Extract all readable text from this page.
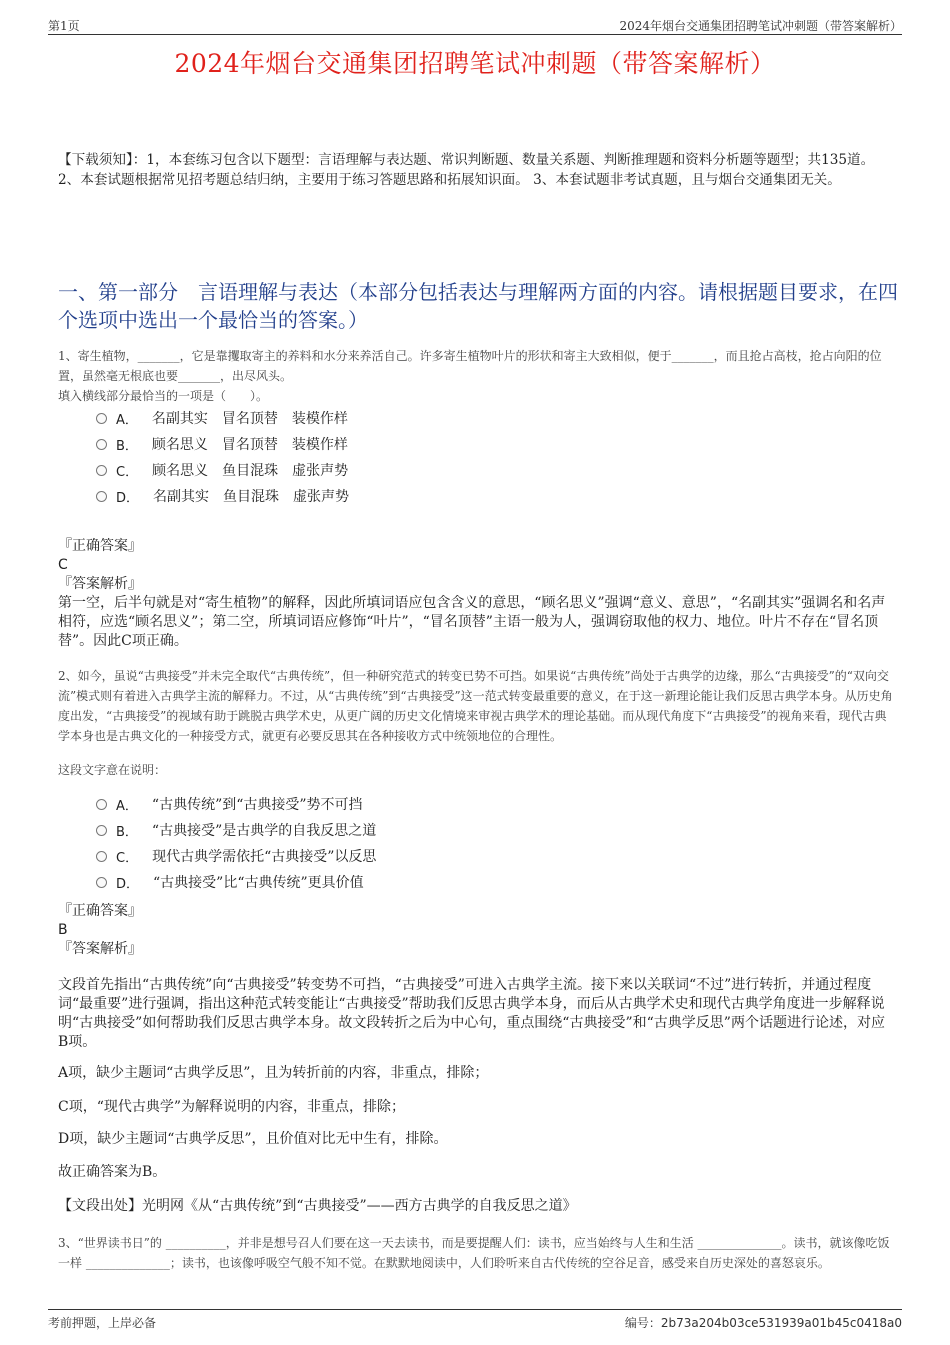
第1页	2024年烟台交通集团招聘笔试冲刺题（带答案解析）
2024年烟台交通集团招聘笔试冲刺题（带答案解析）
【下载须知】：1，本套练习包含以下题型：言语理解与表达题、常识判断题、数量关系题、判断推理题和资料分析题等题型；共135道。 2、本套试题根据常见招考题总结归纳，主要用于练习答题思路和拓展知识面。 3、本套试题非考试真题，且与烟台交通集团无关。
一、第一部分　言语理解与表达（本部分包括表达与理解两方面的内容。请根据题目要求，在四个选项中选出一个最恰当的答案。）
1、寄生植物，_______，它是靠攫取寄主的养料和水分来养活自己。许多寄生植物叶片的形状和寄主大致相似，便于_______，而且抢占高枝，抢占向阳的位置，虽然毫无根底也要_______，出尽风头。
填入横线部分最恰当的一项是（　　）。
A． 名副其实　冒名顶替　装模作样
B． 顾名思义　冒名顶替　装模作样
C． 顾名思义　鱼目混珠　虚张声势
D． 名副其实　鱼目混珠　虚张声势
『正确答案』
C
『答案解析』
第一空，后半句就是对“寄生植物”的解释，因此所填词语应包含含义的意思，“顾名思义”强调“意义、意思”，“名副其实”强调名和名声相符，应选“顾名思义”；第二空，所填词语应修饰“叶片”，“冒名顶替”主语一般为人，强调窃取他的权力、地位。叶片不存在“冒名顶替”。因此C项正确。
2、如今，虽说“古典接受”并未完全取代“古典传统”，但一种研究范式的转变已势不可挡。如果说“古典传统”尚处于古典学的边缘，那么“古典接受”的“双向交流”模式则有着进入古典学主流的解释力。不过，从“古典传统”到“古典接受”这一范式转变最重要的意义，在于这一新理论能让我们反思古典学本身。从历史角度出发，“古典接受”的视域有助于跳脱古典学术史，从更广阔的历史文化情境来审视古典学术的理论基础。而从现代角度下“古典接受”的视角来看，现代古典学本身也是古典文化的一种接受方式，就更有必要反思其在各种接收方式中统领地位的合理性。
这段文字意在说明：
A． “古典传统”到“古典接受”势不可挡
B． “古典接受”是古典学的自我反思之道
C． 现代古典学需依托“古典接受”以反思
D． “古典接受”比“古典传统”更具价值
『正确答案』
B
『答案解析』
文段首先指出“古典传统”向“古典接受”转变势不可挡，“古典接受”可进入古典学主流。接下来以关联词“不过”进行转折，并通过程度词“最重要”进行强调，指出这种范式转变能让“古典接受”帮助我们反思古典学本身，而后从古典学术史和现代古典学角度进一步解释说明“古典接受”如何帮助我们反思古典学本身。故文段转折之后为中心句，重点围绕“古典接受”和“古典学反思”两个话题进行论述，对应B项。
A项，缺少主题词“古典学反思”，且为转折前的内容，非重点，排除；
C项，“现代古典学”为解释说明的内容，非重点，排除；
D项，缺少主题词“古典学反思”，且价值对比无中生有，排除。
故正确答案为B。
【文段出处】光明网《从“古典传统”到“古典接受”——西方古典学的自我反思之道》
3、“世界读书日”的 __________，并非是想号召人们要在这一天去读书，而是要提醒人们：读书，应当始终与人生和生活 ______________。读书，就该像吃饭一样 ______________；读书，也该像呼吸空气般不知不觉。在默默地阅读中，人们聆听来自古代传统的空谷足音，感受来自历史深处的喜怒哀乐。
考前押题，上岸必备	编号：2b73a204b03ce531939a01b45c0418a0
